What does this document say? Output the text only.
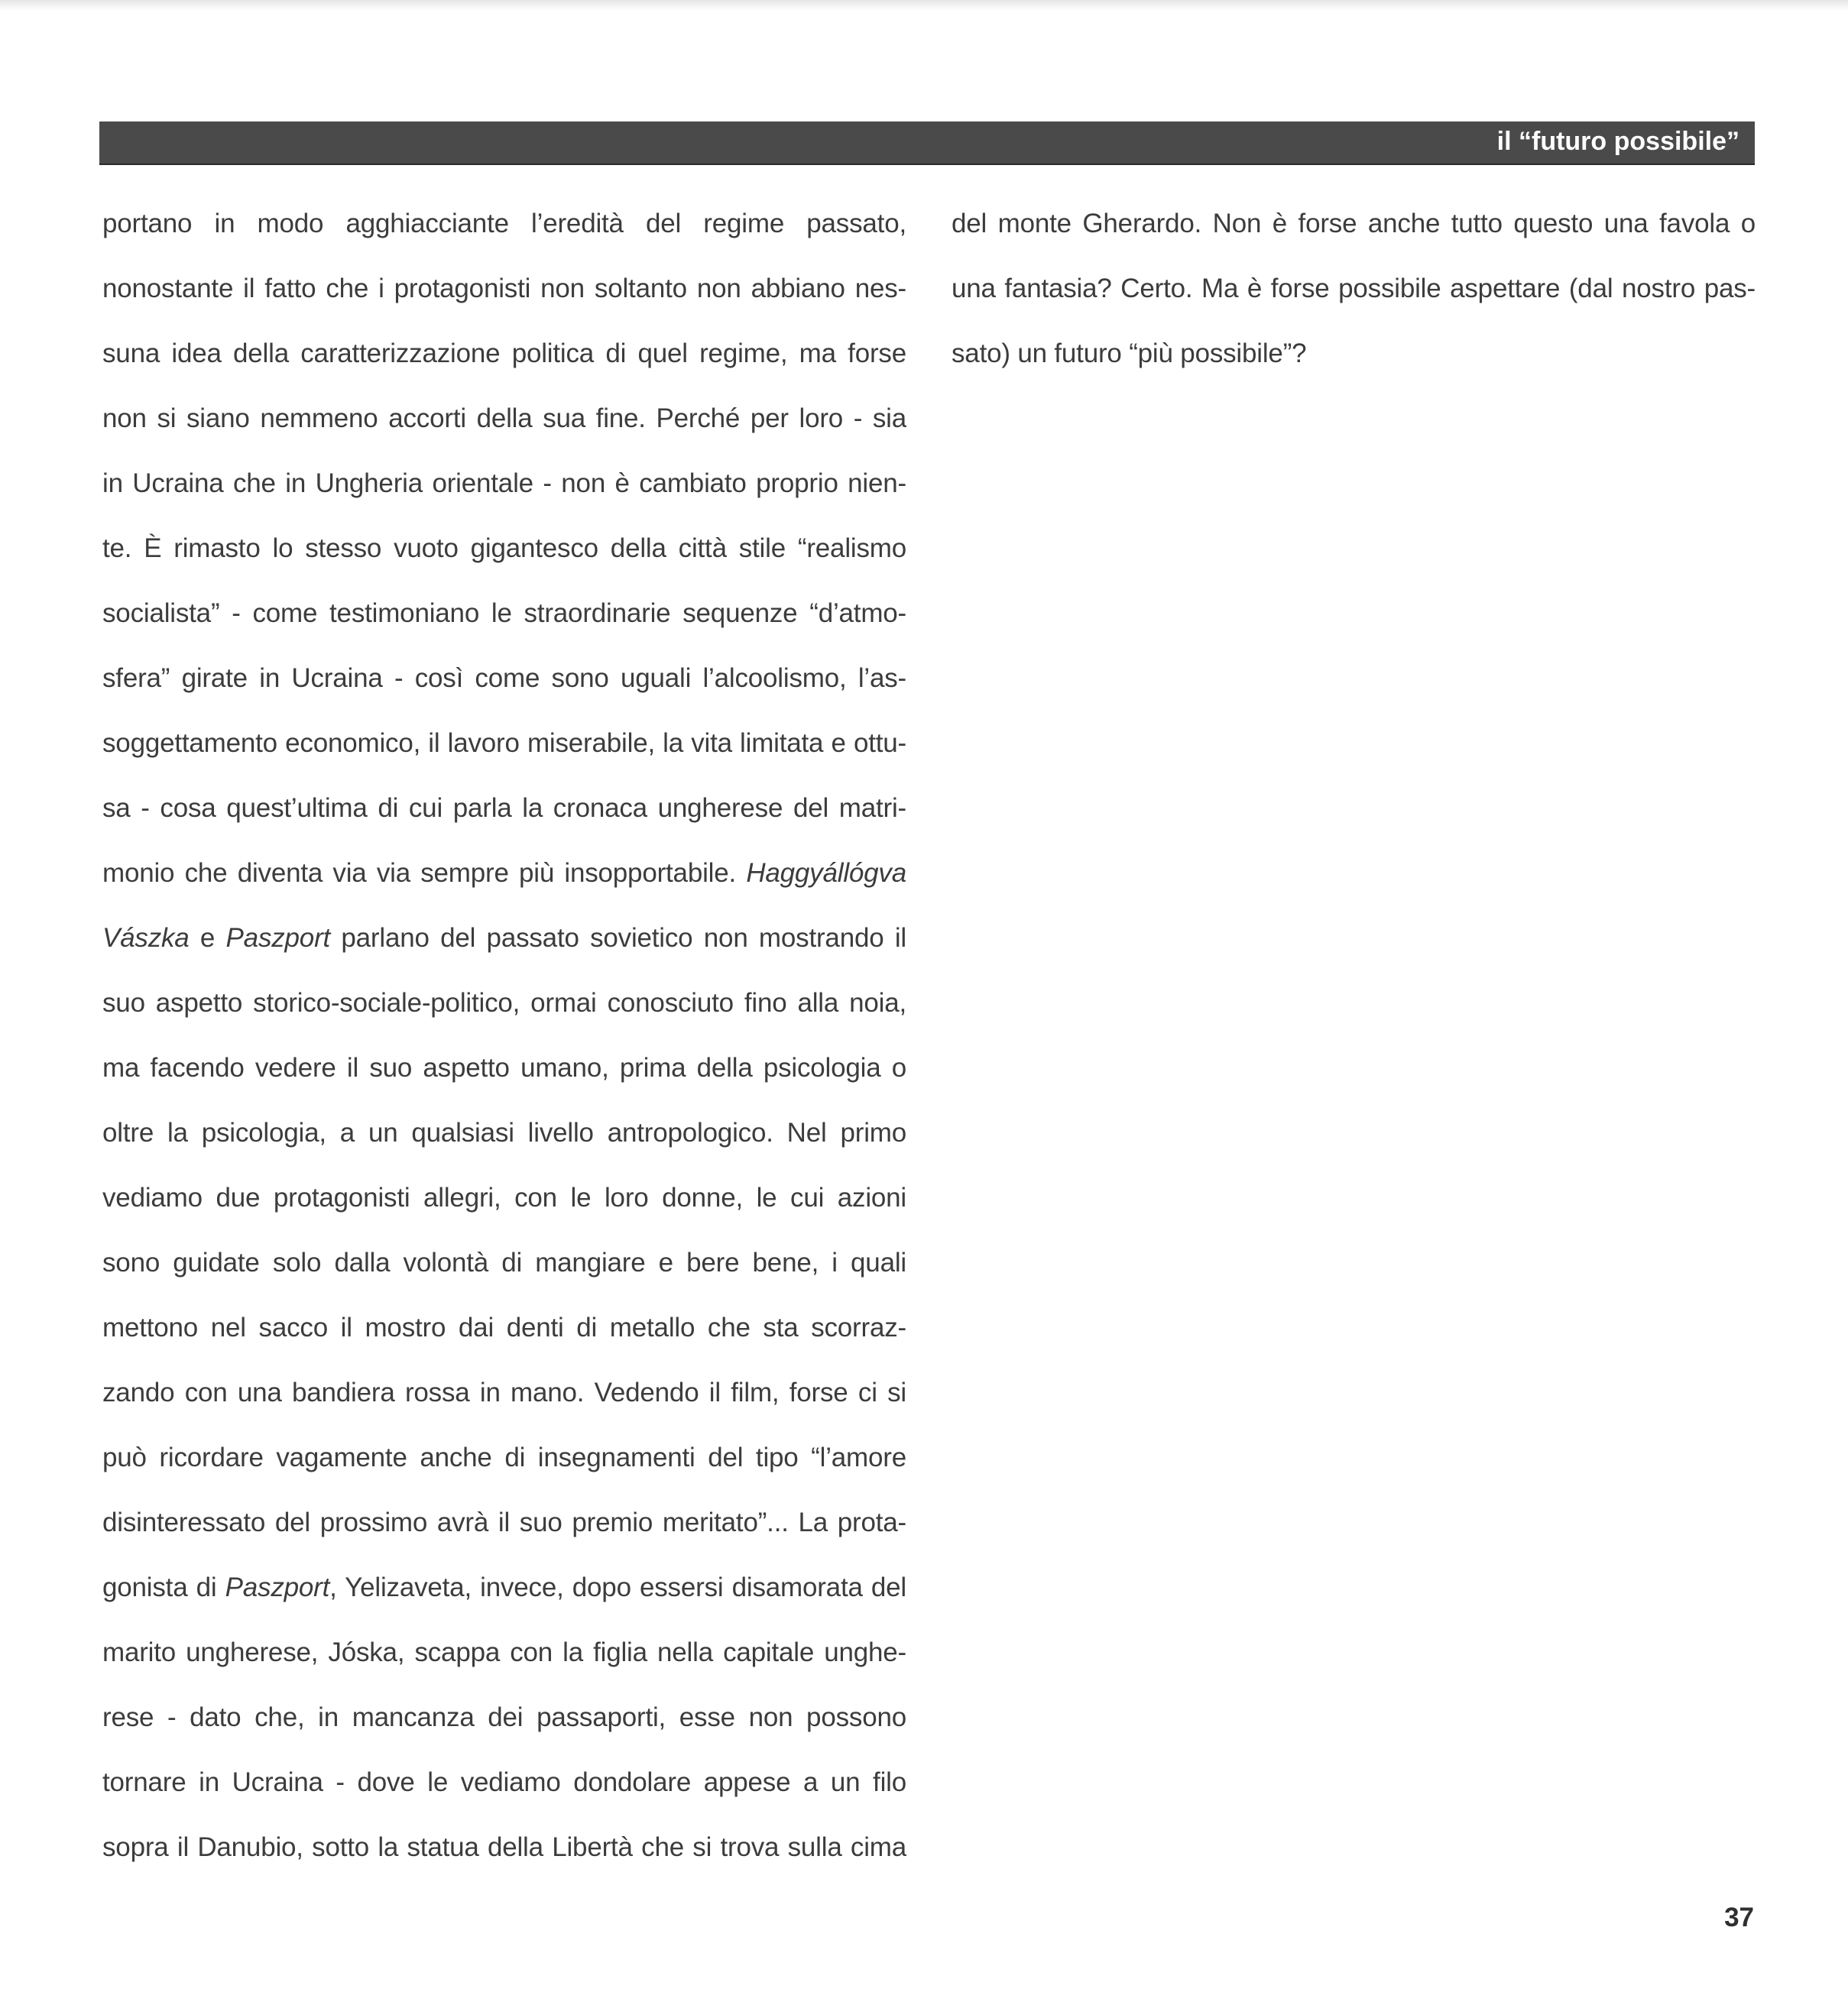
il “futuro possibile”
portano in modo agghiacciante l’eredità del regime passato,
nonostante il fatto che i protagonisti non soltanto non abbiano nes-
suna idea della caratterizzazione politica di quel regime, ma forse
non si siano nemmeno accorti della sua fine. Perché per loro - sia
in Ucraina che in Ungheria orientale - non è cambiato proprio nien-
te. È rimasto lo stesso vuoto gigantesco della città stile “realismo
socialista” - come testimoniano le straordinarie sequenze “d’atmo-
sfera” girate in Ucraina - così come sono uguali l’alcoolismo, l’as-
soggettamento economico, il lavoro miserabile, la vita limitata e ottu-
sa - cosa quest’ultima di cui parla la cronaca ungherese del matri-
monio che diventa via via sempre più insopportabile. Haggyállógva
Vászka e Paszport parlano del passato sovietico non mostrando il
suo aspetto storico-sociale-politico, ormai conosciuto fino alla noia,
ma facendo vedere il suo aspetto umano, prima della psicologia o
oltre la psicologia, a un qualsiasi livello antropologico. Nel primo
vediamo due protagonisti allegri, con le loro donne, le cui azioni
sono guidate solo dalla volontà di mangiare e bere bene, i quali
mettono nel sacco il mostro dai denti di metallo che sta scorraz-
zando con una bandiera rossa in mano. Vedendo il film, forse ci si
può ricordare vagamente anche di insegnamenti del tipo “l’amore
disinteressato del prossimo avrà il suo premio meritato”... La prota-
gonista di Paszport, Yelizaveta, invece, dopo essersi disamorata del
marito ungherese, Jóska, scappa con la figlia nella capitale unghe-
rese - dato che, in mancanza dei passaporti, esse non possono
tornare in Ucraina - dove le vediamo dondolare appese a un filo
sopra il Danubio, sotto la statua della Libertà che si trova sulla cima
del monte Gherardo. Non è forse anche tutto questo una favola o
una fantasia? Certo. Ma è forse possibile aspettare (dal nostro pas-
sato) un futuro “più possibile”?
37
